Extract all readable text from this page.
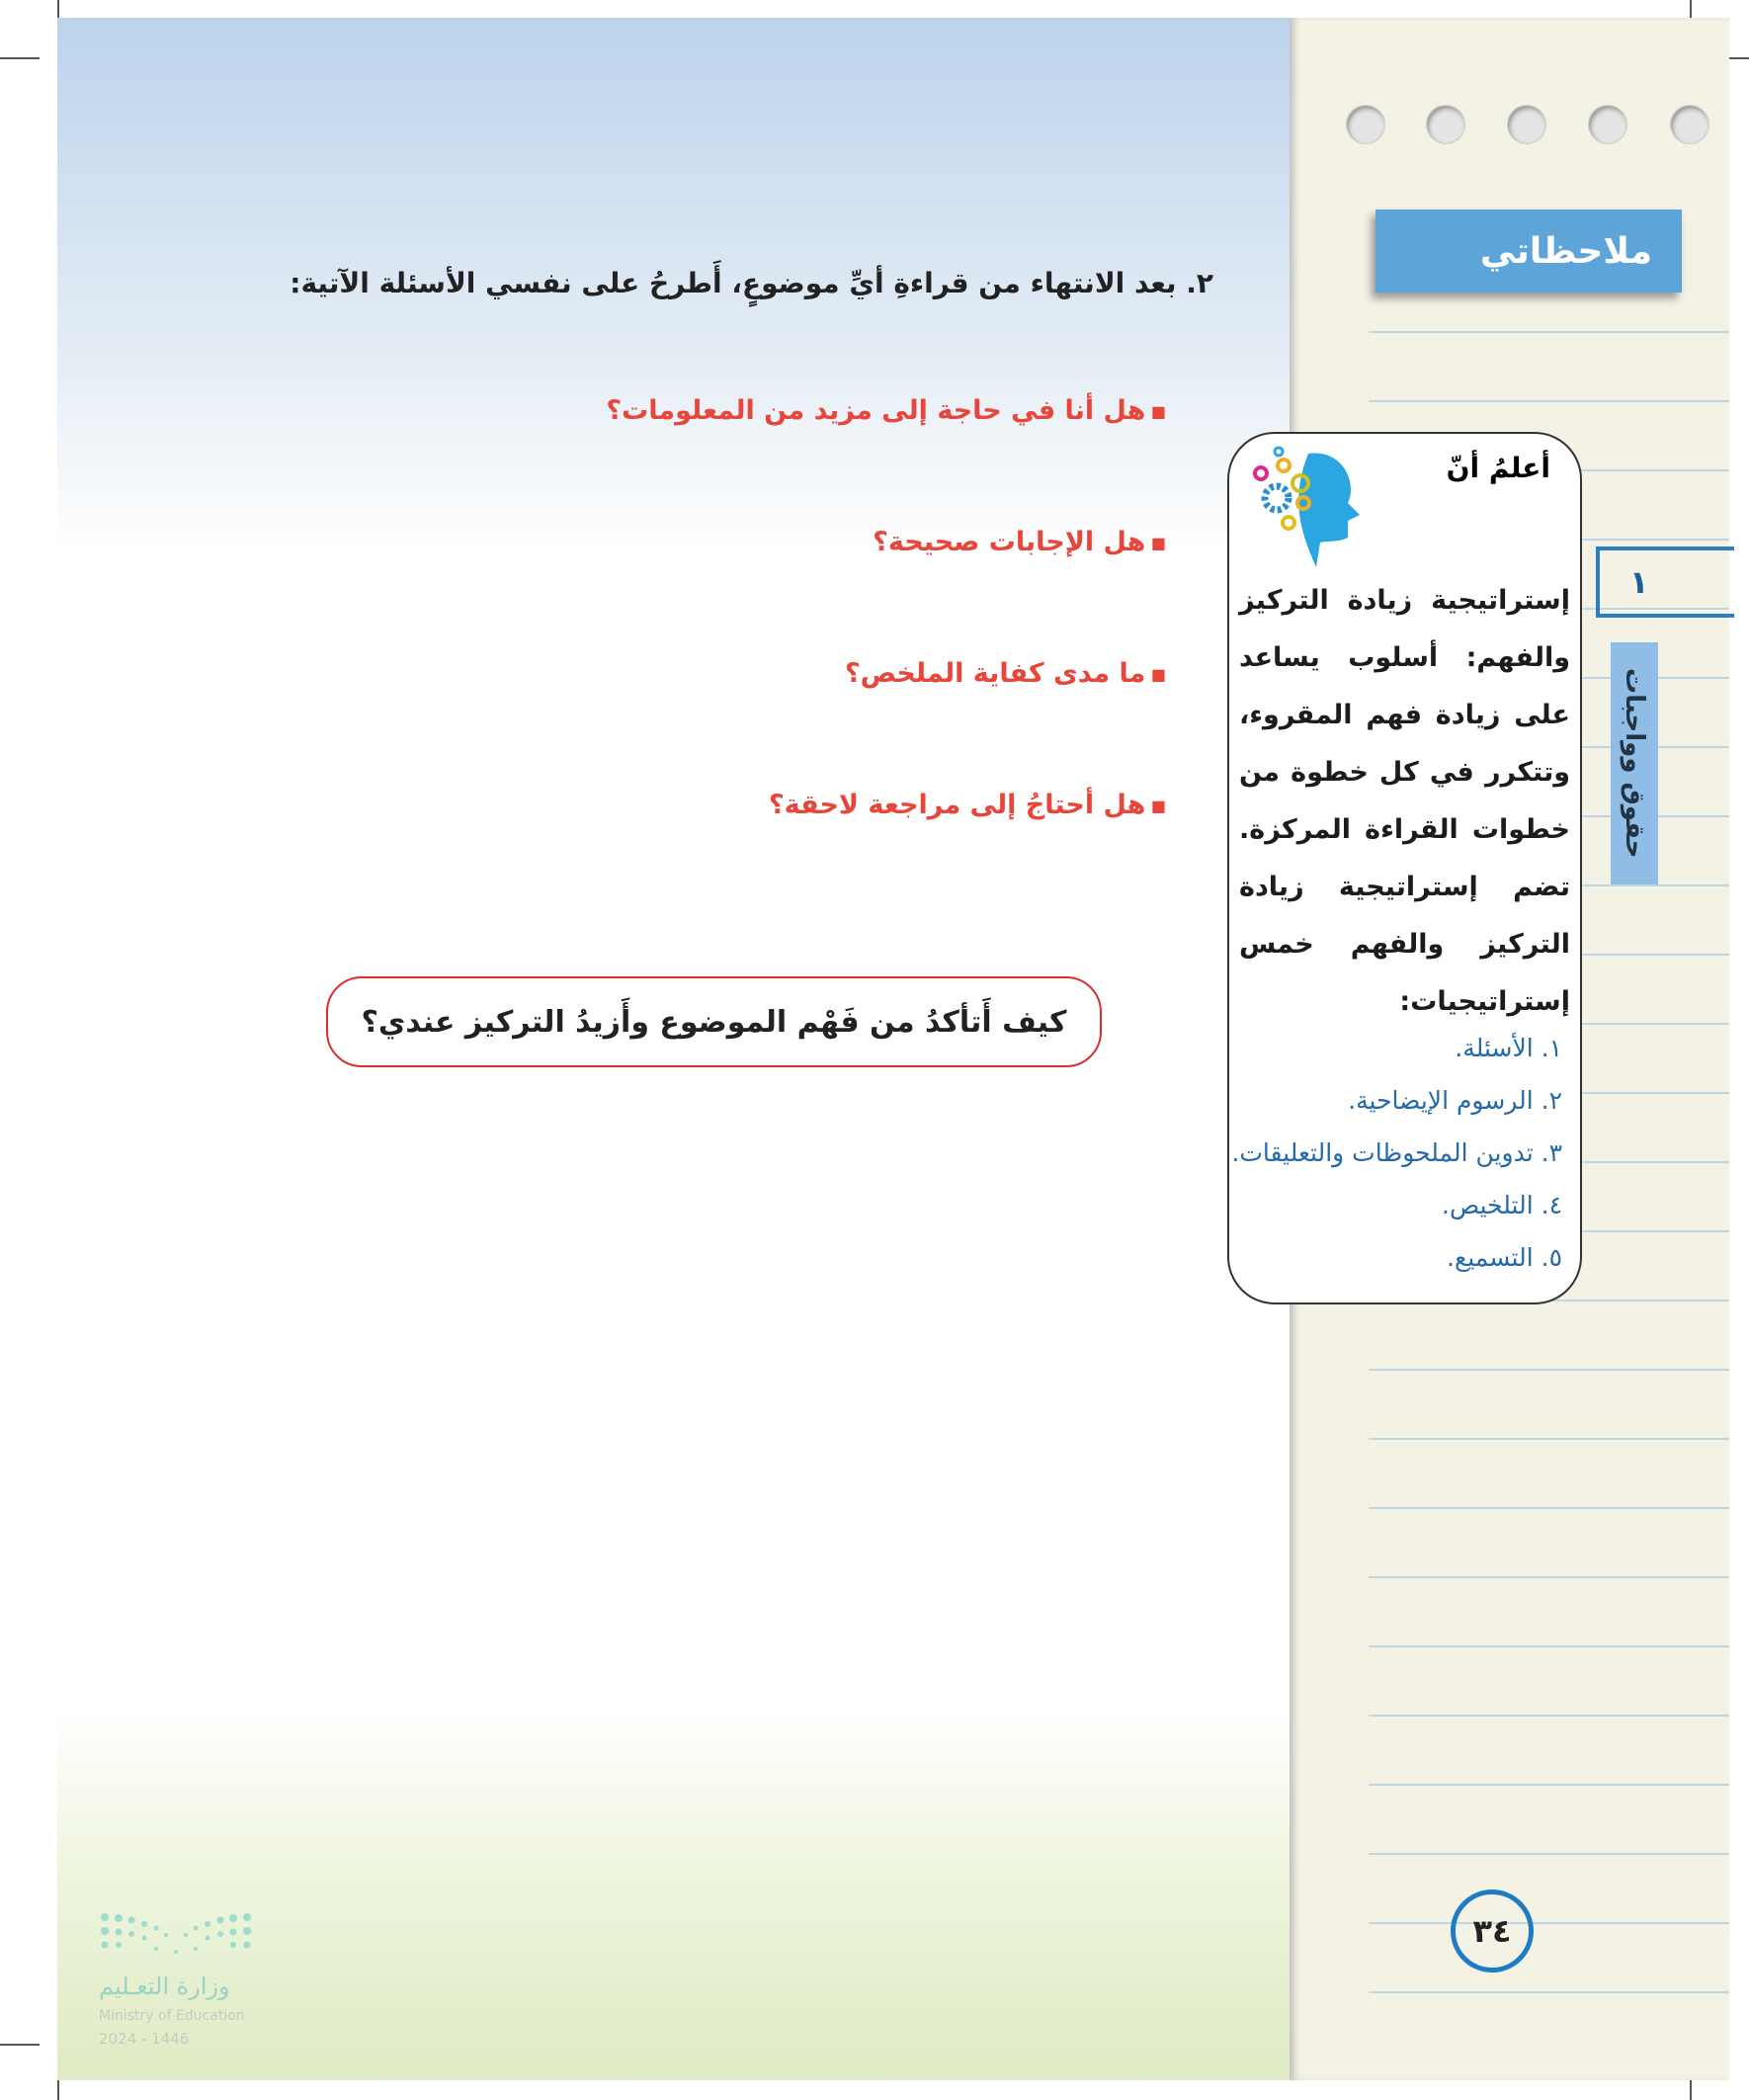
ملاحظاتي
٢. بعد الانتهاء من قراءةِ أيِّ موضوعٍ، أَطرحُ على نفسي الأسئلة الآتية:
■ هل أنا في حاجة إلى مزيد من المعلومات؟
■ هل الإجابات صحيحة؟
■ ما مدى كفاية الملخص؟
■ هل أحتاجُ إلى مراجعة لاحقة؟
كيف أَتأكدُ من فَهْم الموضوع وأَزيدُ التركيز عندي؟
أعلمُ أنّ
إستراتيجية زيادة التركيز والفهم: أسلوب يساعد على زيادة فهم المقروء، وتتكرر في كل خطوة من خطوات القراءة المركزة. تضم إستراتيجية زيادة التركيز والفهم خمس إستراتيجيات:
١. الأسئلة.
٢. الرسوم الإيضاحية.
٣. تدوين الملحوظات والتعليقات.
٤. التلخيص.
٥. التسميع.
١
حقوق وواجبات
٣٤
وزارة التعـليم
Ministry of Education
2024 - 1446
